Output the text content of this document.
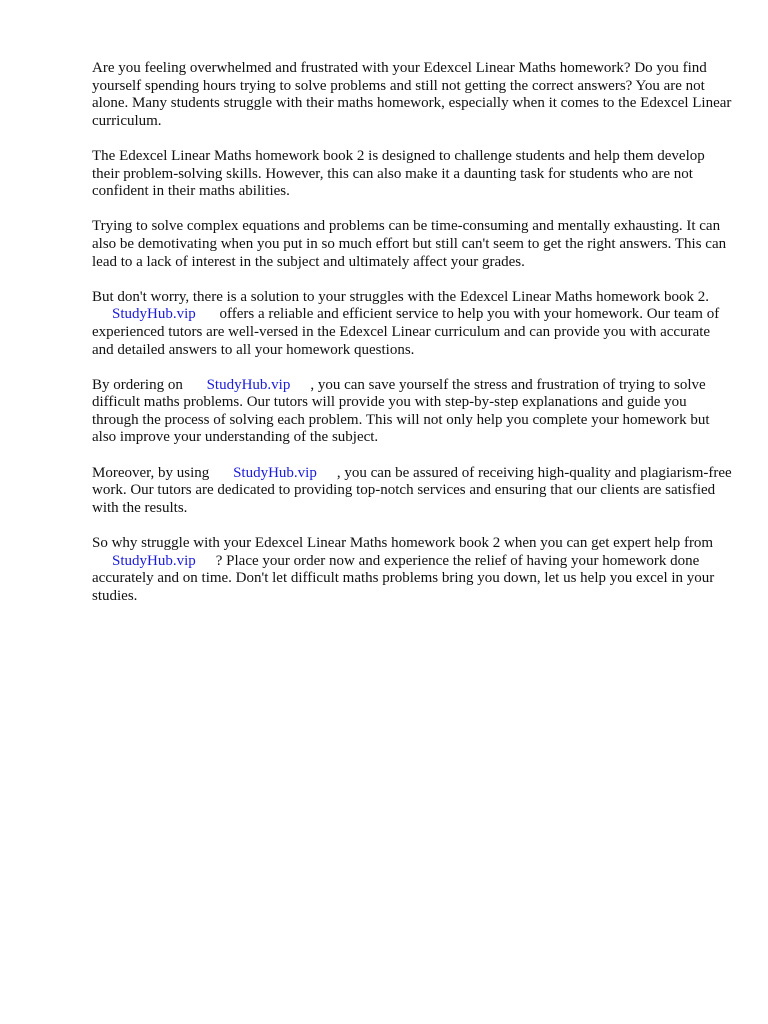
Are you feeling overwhelmed and frustrated with your Edexcel Linear Maths homework? Do you find yourself spending hours trying to solve problems and still not getting the correct answers? You are not alone. Many students struggle with their maths homework, especially when it comes to the Edexcel Linear curriculum.

The Edexcel Linear Maths homework book 2 is designed to challenge students and help them develop their problem-solving skills. However, this can also make it a daunting task for students who are not confident in their maths abilities.

Trying to solve complex equations and problems can be time-consuming and mentally exhausting. It can also be demotivating when you put in so much effort but still can't seem to get the right answers. This can lead to a lack of interest in the subject and ultimately affect your grades.

But don't worry, there is a solution to your struggles with the Edexcel Linear Maths homework book 2. StudyHub.vip offers a reliable and efficient service to help you with your homework. Our team of experienced tutors are well-versed in the Edexcel Linear curriculum and can provide you with accurate and detailed answers to all your homework questions.

By ordering on StudyHub.vip , you can save yourself the stress and frustration of trying to solve difficult maths problems. Our tutors will provide you with step-by-step explanations and guide you through the process of solving each problem. This will not only help you complete your homework but also improve your understanding of the subject.

Moreover, by using StudyHub.vip , you can be assured of receiving high-quality and plagiarism-free work. Our tutors are dedicated to providing top-notch services and ensuring that our clients are satisfied with the results.

So why struggle with your Edexcel Linear Maths homework book 2 when you can get expert help from StudyHub.vip ? Place your order now and experience the relief of having your homework done accurately and on time. Don't let difficult maths problems bring you down, let us help you excel in your studies.
